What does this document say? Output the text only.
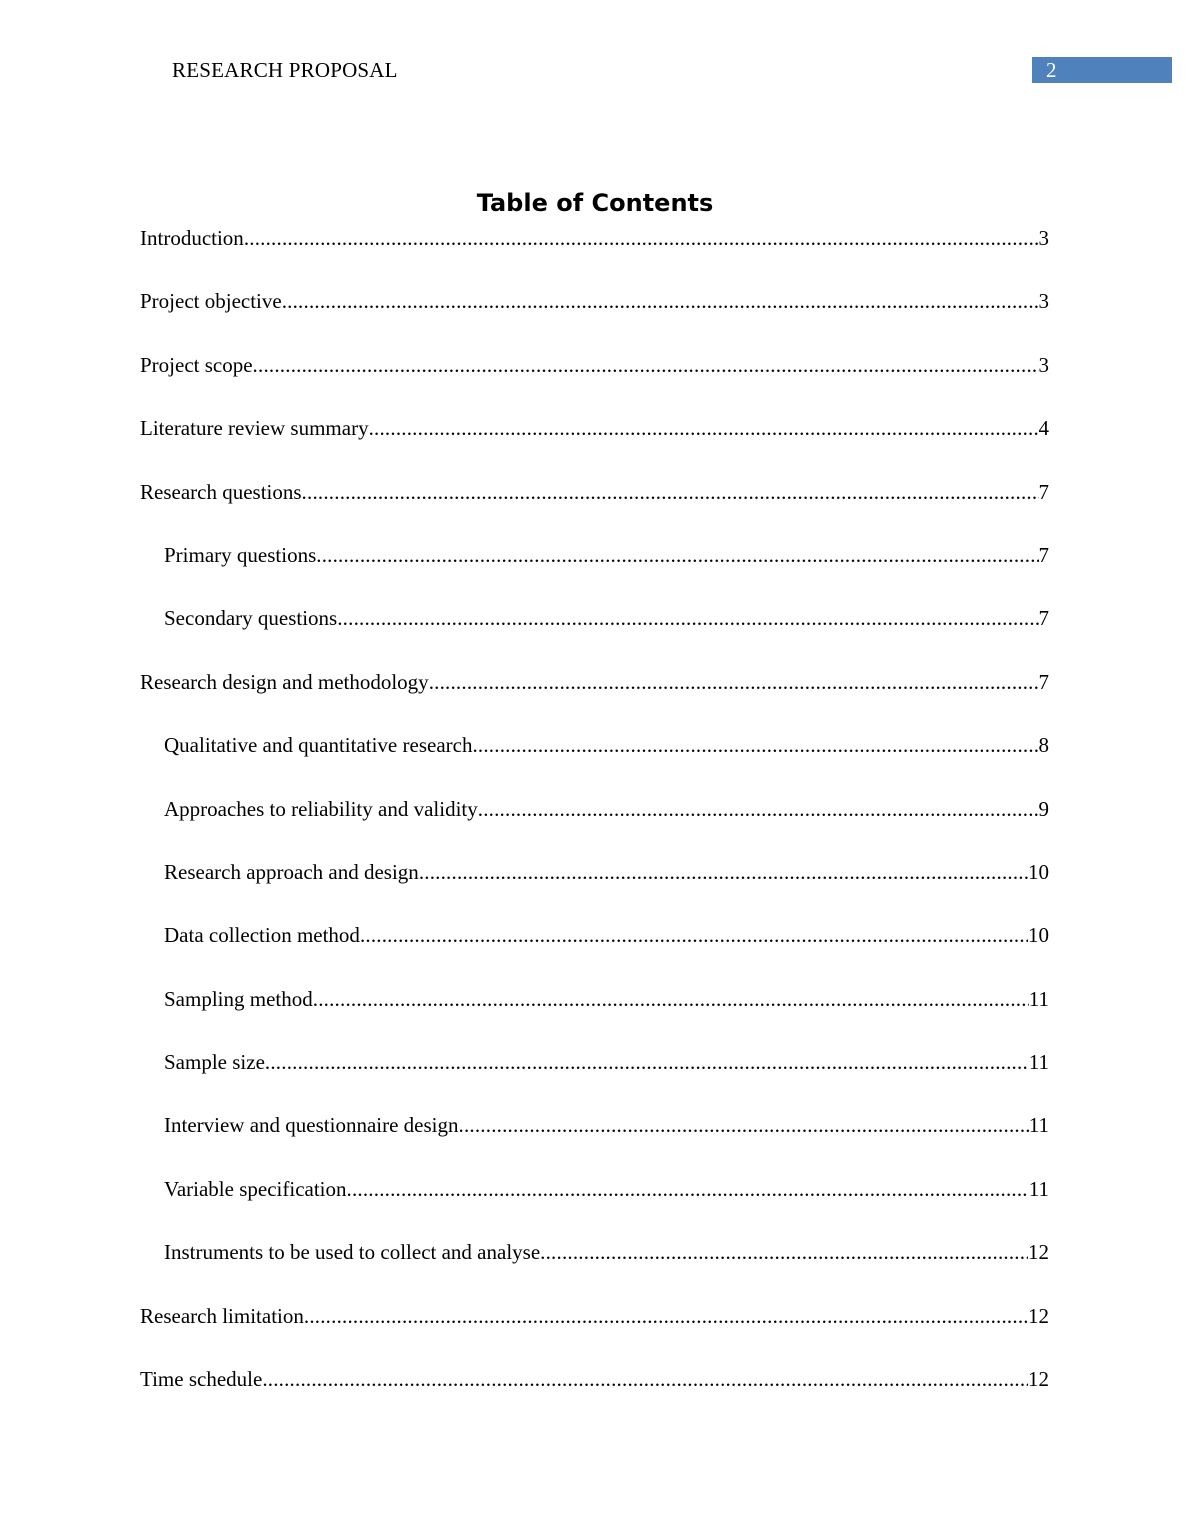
RESEARCH PROPOSAL	2
Table of Contents
Introduction .....	3
Project objective .....	3
Project scope .....	3
Literature review summary .....	4
Research questions .....	7
Primary questions .....	7
Secondary questions .....	7
Research design and methodology .....	7
Qualitative and quantitative research .....	8
Approaches to reliability and validity .....	9
Research approach and design .....	10
Data collection method .....	10
Sampling method .....	11
Sample size .....	11
Interview and questionnaire design .....	11
Variable specification .....	11
Instruments to be used to collect and analyse .....	12
Research limitation .....	12
Time schedule .....	12
